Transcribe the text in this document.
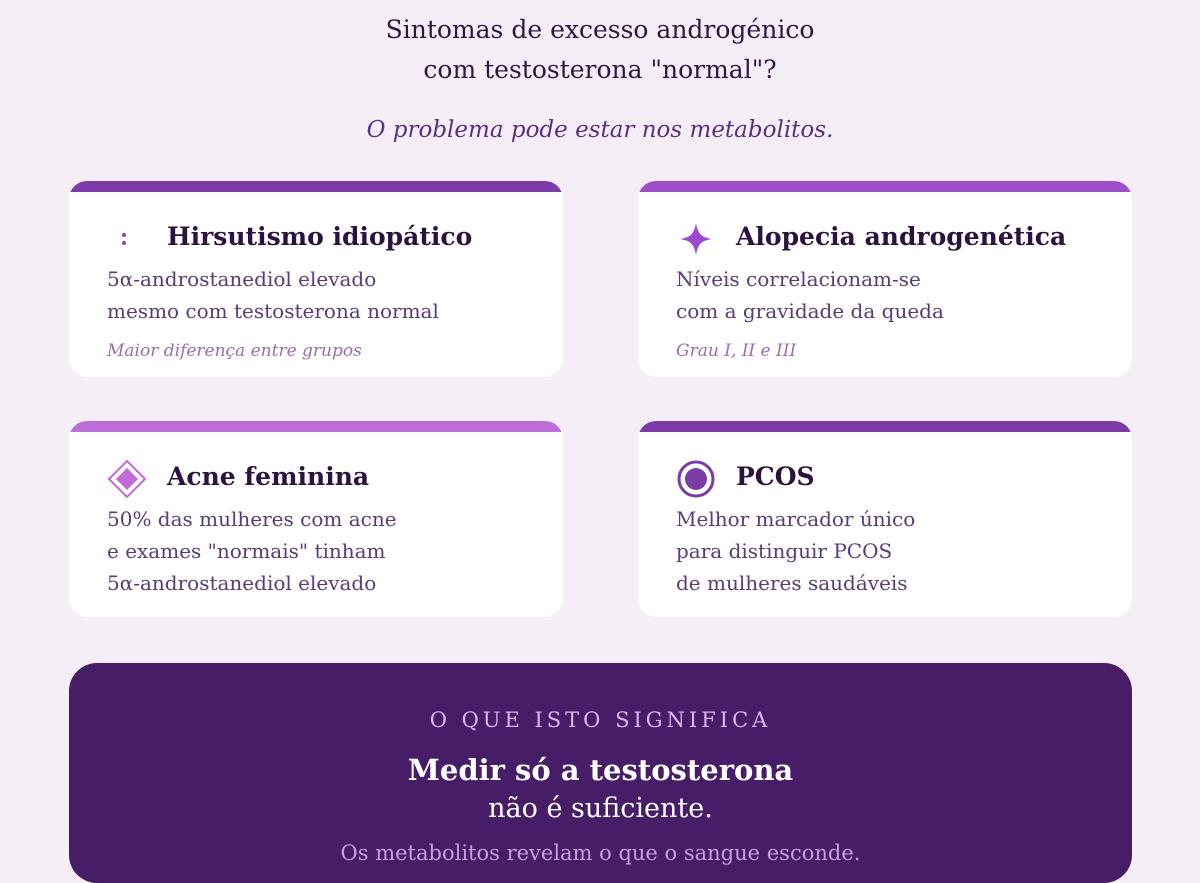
Sintomas de excesso androgénico
com testosterona "normal"?

O problema pode estar nos metabolitos.

Hirsutismo idiopático

5α-androstanediol elevado
mesmo com testosterona normal

Maior diferença entre grupos

Alopecia androgenética

Níveis correlacionam-se
com a gravidade da queda

Grau I, II e III

Acne feminina

50% das mulheres com acne
e exames "normais" tinham
5α-androstanediol elevado

PCOS

Melhor marcador único
para distinguir PCOS
de mulheres saudáveis

O QUE ISTO SIGNIFICA

Medir só a testosterona

não é suficiente.

Os metabolitos revelam o que o sangue esconde.
